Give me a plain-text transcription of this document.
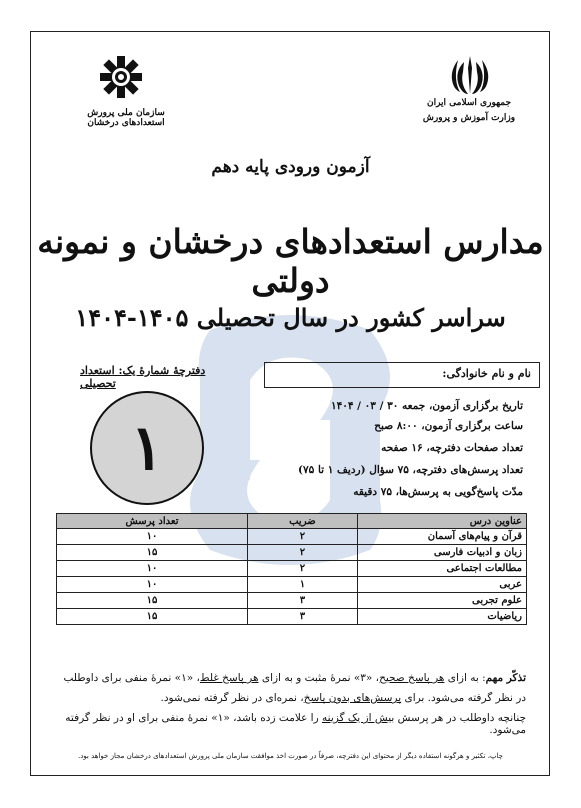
جمهوری اسلامی ایران
وزارت آموزش و پرورش
سازمان ملی پرورش استعدادهای درخشان
آزمون ورودی پایه دهم
مدارس استعدادهای درخشان و نمونه دولتی
سراسر کشور در سال تحصیلی ۱۴۰۵-۱۴۰۴
دفترچۀ شمارۀ یک: استعداد تحصیلی
نام و نام خانوادگی:
۱
تاریخ برگزاری آزمون، جمعه ۳۰ / ۰۳ / ۱۴۰۴
ساعت برگزاری آزمون، ۸:۰۰ صبح
تعداد صفحات دفترچه، ۱۶ صفحه
تعداد پرسش‌های دفترچه، ۷۵ سؤال (ردیف ۱ تا ۷۵)
مدّت پاسخ‌گویی به پرسش‌ها، ۷۵ دقیقه
عناوین درس	ضریب	تعداد پرسش
قرآن و پیام‌های آسمان	۲	۱۰
زبان و ادبیات فارسی	۲	۱۵
مطالعات اجتماعی	۲	۱۰
عربی	۱	۱۰
علوم تجربی	۳	۱۵
ریاضیات	۳	۱۵
تذکّر مهم: به ازای هر پاسخ صحیح، «۳» نمرۀ مثبت و به ازای هر پاسخ غلط، «۱» نمرۀ منفی برای داوطلب
در نظر گرفته می‌شود. برای پرسش‌های بدون پاسخ، نمره‌ای در نظر گرفته نمی‌شود.
چنانچه داوطلب در هر پرسش بیش از یک گزینه را علامت زده باشد، «۱» نمرۀ منفی برای او در نظر گرفته می‌شود.
چاپ، تکثیر و هرگونه استفاده دیگر از محتوای این دفترچه، صرفاً در صورت اخذ موافقت سازمان ملی پرورش استعدادهای درخشان مجاز خواهد بود.
